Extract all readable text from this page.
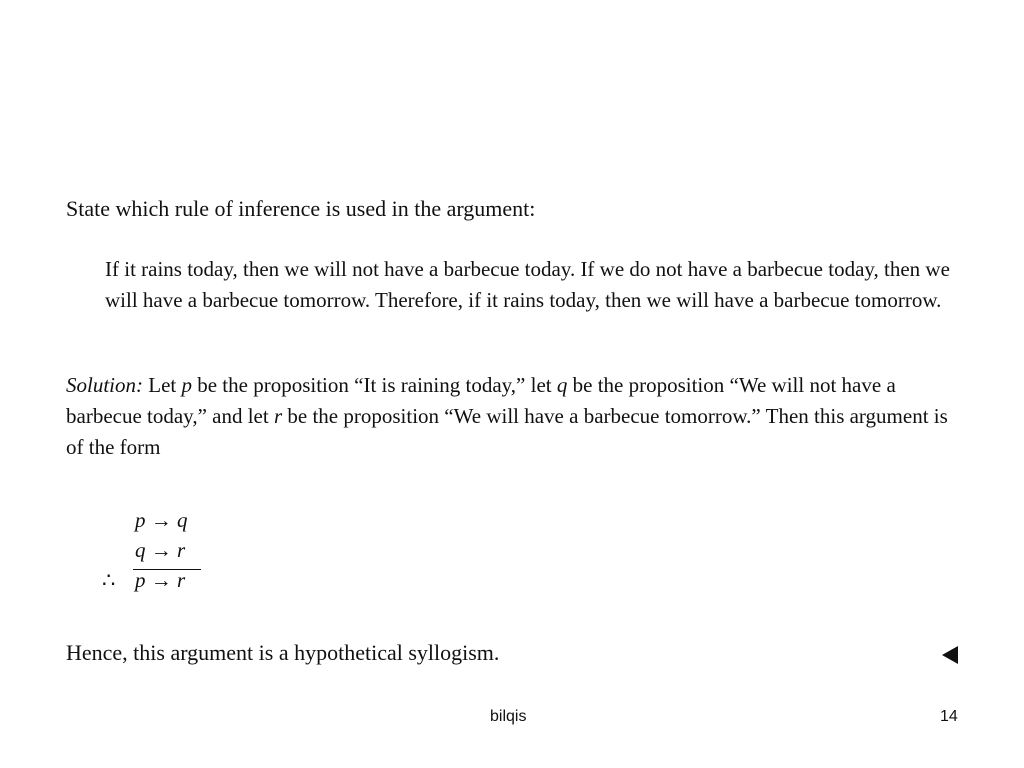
State which rule of inference is used in the argument:
If it rains today, then we will not have a barbecue today. If we do not have a barbecue today, then we will have a barbecue tomorrow. Therefore, if it rains today, then we will have a barbecue tomorrow.
Solution: Let p be the proposition “It is raining today,” let q be the proposition “We will not have a barbecue today,” and let r be the proposition “We will have a barbecue tomorrow.” Then this argument is of the form
p → q
q → r
∴ p → r
Hence, this argument is a hypothetical syllogism.
bilqis	14
